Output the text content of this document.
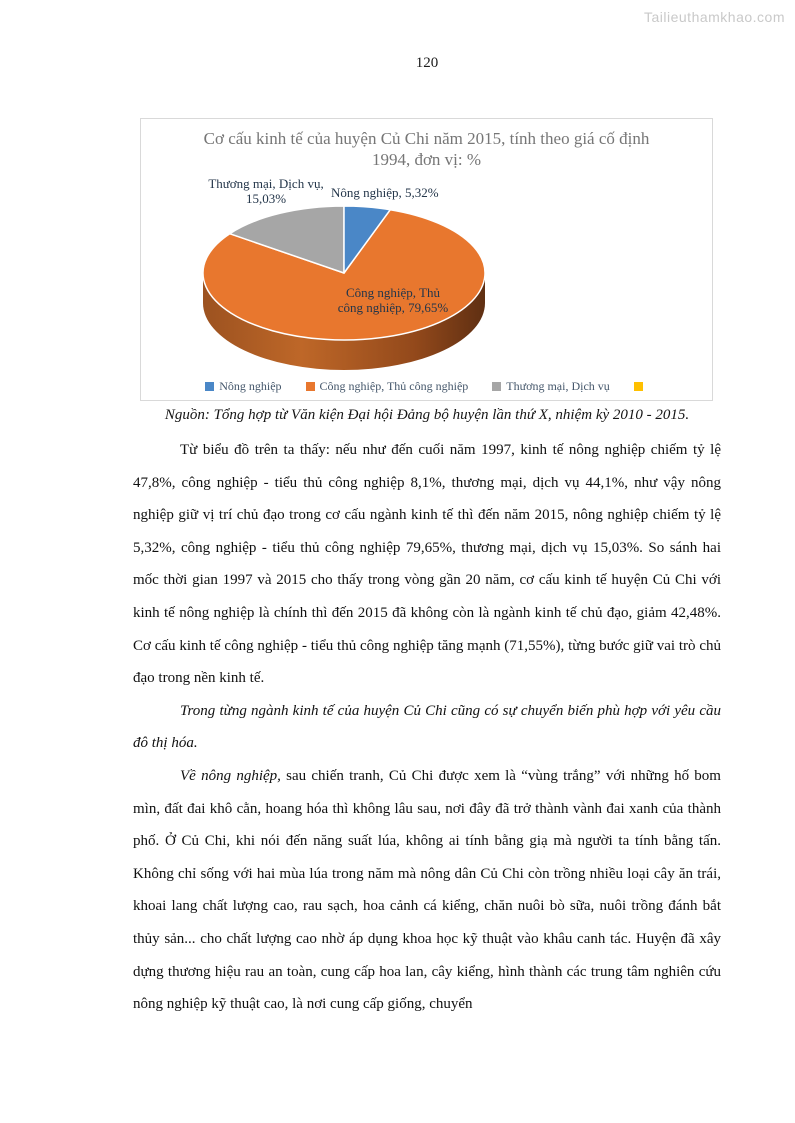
Tailieuthamkhao.com
120
Cơ cấu kinh tế của huyện Củ Chi năm 2015, tính theo giá cố định 1994, đơn vị: %
Thương mại, Dịch vụ,
15,03%	Nông nghiệp, 5,32%
Công nghiệp, Thủ
công nghiệp, 79,65%
Nông nghiệp	Công nghiệp, Thủ công nghiệp	Thương mại, Dịch vụ
Nguồn: Tổng hợp từ Văn kiện Đại hội Đảng bộ huyện lần thứ X, nhiệm kỳ 2010 - 2015.

Từ biểu đồ trên ta thấy: nếu như đến cuối năm 1997, kinh tế nông nghiệp chiếm tỷ lệ 47,8%, công nghiệp - tiểu thủ công nghiệp 8,1%, thương mại, dịch vụ 44,1%, như vậy nông nghiệp giữ vị trí chủ đạo trong cơ cấu ngành kinh tế thì đến năm 2015, nông nghiệp chiếm tỷ lệ 5,32%, công nghiệp - tiểu thủ công nghiệp 79,65%, thương mại, dịch vụ 15,03%. So sánh hai mốc thời gian 1997 và 2015 cho thấy trong vòng gần 20 năm, cơ cấu kinh tế huyện Củ Chi với kinh tế nông nghiệp là chính thì đến 2015 đã không còn là ngành kinh tế chủ đạo, giảm 42,48%. Cơ cấu kinh tế công nghiệp - tiểu thủ công nghiệp tăng mạnh (71,55%), từng bước giữ vai trò chủ đạo trong nền kinh tế.

Trong từng ngành kinh tế của huyện Củ Chi cũng có sự chuyển biến phù hợp với yêu cầu đô thị hóa.

Về nông nghiệp, sau chiến tranh, Củ Chi được xem là “vùng trắng” với những hố bom mìn, đất đai khô cằn, hoang hóa thì không lâu sau, nơi đây đã trở thành vành đai xanh của thành phố. Ở Củ Chi, khi nói đến năng suất lúa, không ai tính bằng giạ mà người ta tính bằng tấn. Không chỉ sống với hai mùa lúa trong năm mà nông dân Củ Chi còn trồng nhiều loại cây ăn trái, khoai lang chất lượng cao, rau sạch, hoa cảnh cá kiểng, chăn nuôi bò sữa, nuôi trồng đánh bắt thủy sản... cho chất lượng cao nhờ áp dụng khoa học kỹ thuật vào khâu canh tác. Huyện đã xây dựng thương hiệu rau an toàn, cung cấp hoa lan, cây kiểng, hình thành các trung tâm nghiên cứu nông nghiệp kỹ thuật cao, là nơi cung cấp giống, chuyển
